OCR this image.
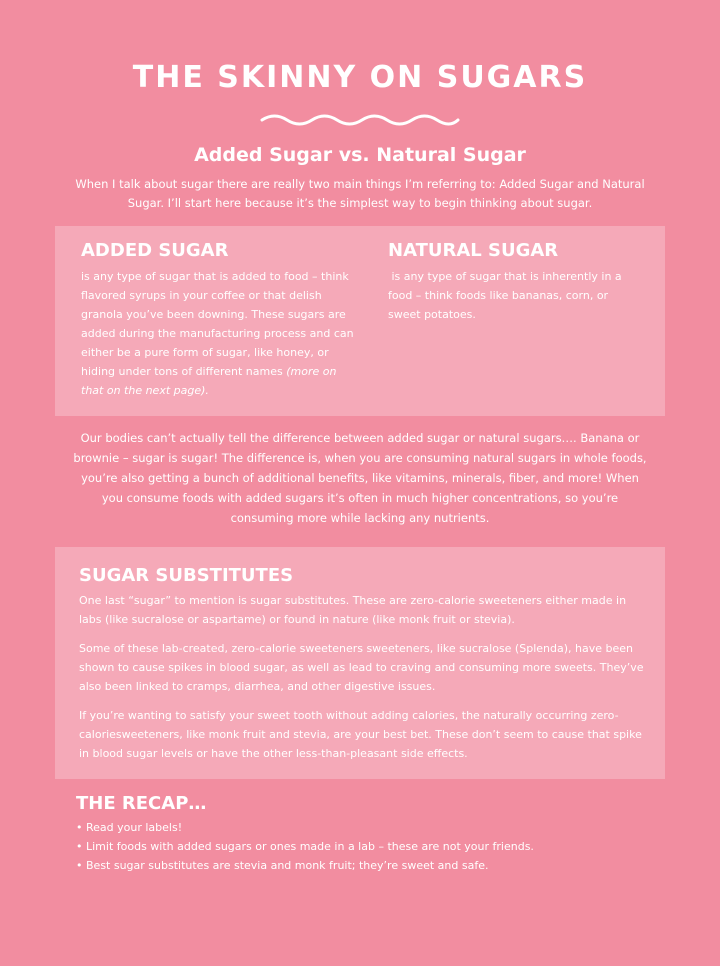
THE SKINNY ON SUGARS
Added Sugar vs. Natural Sugar
When I talk about sugar there are really two main things I’m referring to: Added Sugar and Natural Sugar. I’ll start here because it’s the simplest way to begin thinking about sugar.
ADDED SUGAR

is any type of sugar that is added to food – think flavored syrups in your coffee or that delish granola you’ve been downing. These sugars are added during the manufacturing process and can either be a pure form of sugar, like honey, or hiding under tons of different names (more on that on the next page).

NATURAL SUGAR

is any type of sugar that is inherently in a food – think foods like bananas, corn, or sweet potatoes.

Our bodies can’t actually tell the difference between added sugar or natural sugars…. Banana or brownie – sugar is sugar! The difference is, when you are consuming natural sugars in whole foods, you’re also getting a bunch of additional benefits, like vitamins, minerals, fiber, and more! When you consume foods with added sugars it’s often in much higher concentrations, so you’re consuming more while lacking any nutrients.

SUGAR SUBSTITUTES

One last “sugar” to mention is sugar substitutes. These are zero-calorie sweeteners either made in labs (like sucralose or aspartame) or found in nature (like monk fruit or stevia).

Some of these lab-created, zero-calorie sweeteners sweeteners, like sucralose (Splenda), have been shown to cause spikes in blood sugar, as well as lead to craving and consuming more sweets. They’ve also been linked to cramps, diarrhea, and other digestive issues.

If you’re wanting to satisfy your sweet tooth without adding calories, the naturally occurring zero-caloriesweeteners, like monk fruit and stevia, are your best bet. These don’t seem to cause that spike in blood sugar levels or have the other less-than-pleasant side effects.

THE RECAP…
• Read your labels!
• Limit foods with added sugars or ones made in a lab – these are not your friends.
• Best sugar substitutes are stevia and monk fruit; they’re sweet and safe.
